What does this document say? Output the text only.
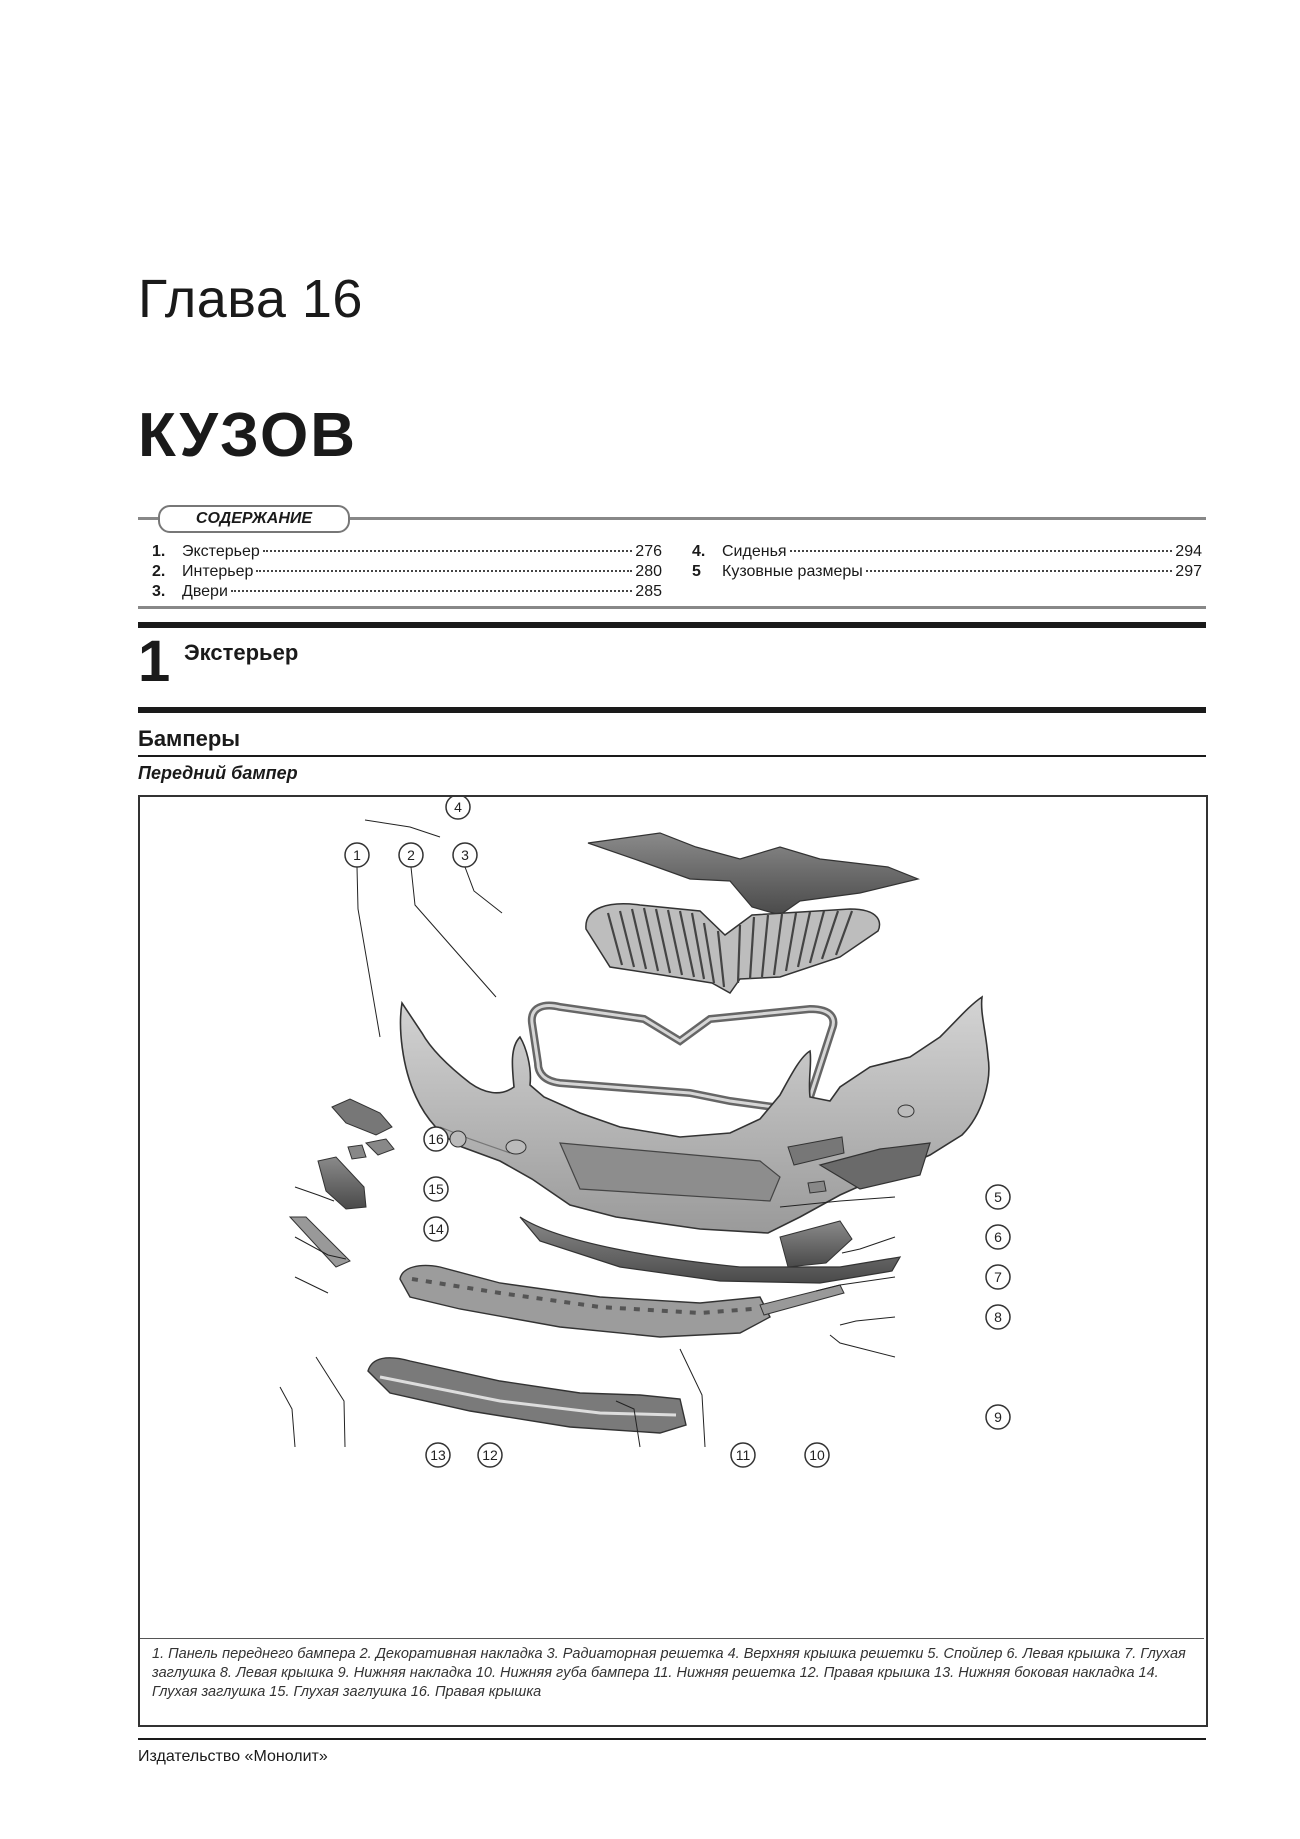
Глава 16
КУЗОВ
СОДЕРЖАНИЕ
1.	Экстерьер	276
2.	Интерьер	280
3.	Двери	285
4.	Сиденья	294
5	Кузовные размеры	297
1 Экстерьер
Бамперы
Передний бампер
1	2	3
4
5
6
7
8
9
10
11
12
13
14
15
16
1. Панель переднего бампера 2. Декоративная накладка 3. Радиаторная решетка 4. Верхняя крышка решетки 5. Спойлер 6. Левая крышка 7. Глухая заглушка 8. Левая крышка 9. Нижняя накладка 10. Нижняя губа бампера 11. Нижняя решетка 12. Правая крышка 13. Нижняя боковая накладка 14. Глухая заглушка 15. Глухая заглушка 16. Правая крышка
Издательство «Монолит»
